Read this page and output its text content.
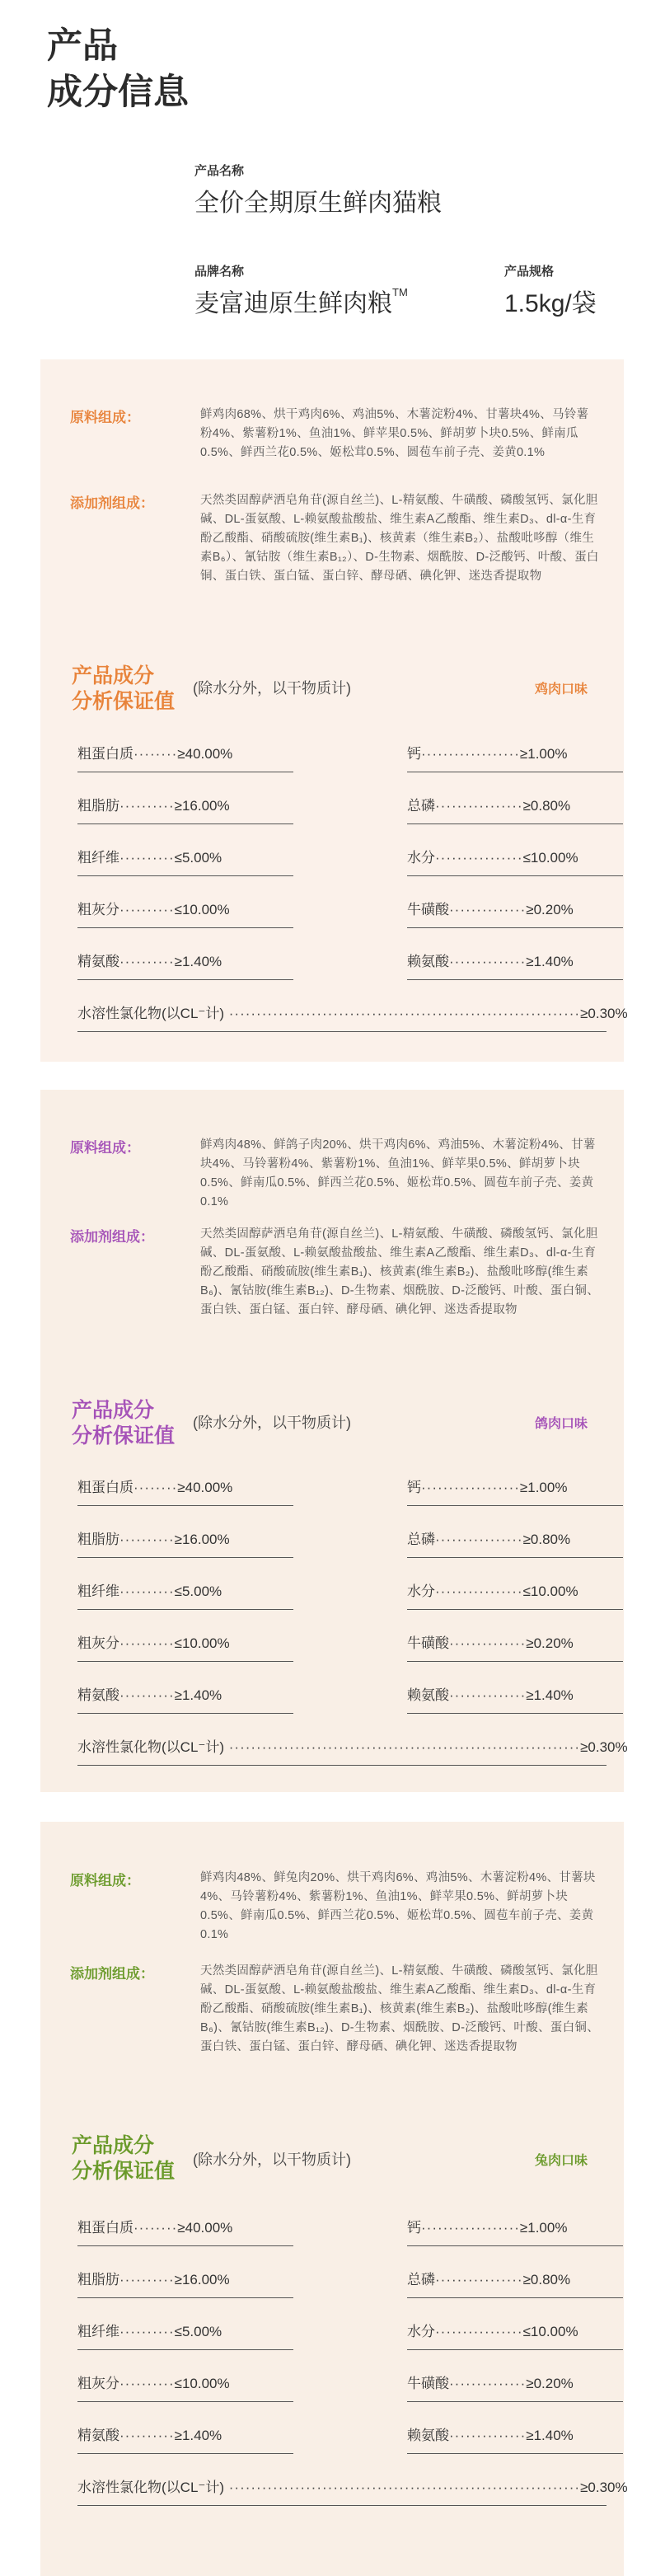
产品
成分信息
产品名称
全价全期原生鲜肉猫粮
品牌名称
麦富迪原生鲜肉粮™
产品规格
1.5kg/袋
原料组成：	鲜鸡肉68%、烘干鸡肉6%、鸡油5%、木薯淀粉4%、甘薯块4%、马铃薯粉4%、紫薯粉1%、鱼油1%、鲜苹果0.5%、鲜胡萝卜块0.5%、鲜南瓜0.5%、鲜西兰花0.5%、姬松茸0.5%、圆苞车前子壳、姜黄0.1%
添加剂组成：	天然类固醇萨洒皂角苷(源自丝兰)、L-精氨酸、牛磺酸、磷酸氢钙、氯化胆碱、DL-蛋氨酸、L-赖氨酸盐酸盐、维生素A乙酸酯、维生素D₃、dl-α-生育酚乙酸酯、硝酸硫胺(维生素B₁)、核黄素（维生素B₂）、盐酸吡哆醇（维生素B₆）、氰钴胺（维生素B₁₂）、D-生物素、烟酰胺、D-泛酸钙、叶酸、蛋白铜、蛋白铁、蛋白锰、蛋白锌、酵母硒、碘化钾、迷迭香提取物
产品成分
分析保证值
(除水分外，以干物质计)	鸡肉口味
粗蛋白质········≥40.00%	钙··················≥1.00%
粗脂肪··········≥16.00%	总磷················≥0.80%
粗纤维··········≤5.00%	水分················≤10.00%
粗灰分··········≤10.00%	牛磺酸··············≥0.20%
精氨酸··········≥1.40%	赖氨酸··············≥1.40%
水溶性氯化物(以CL⁻计) ································································≥0.30%
原料组成：	鲜鸡肉48%、鲜鸽子肉20%、烘干鸡肉6%、鸡油5%、木薯淀粉4%、甘薯块4%、马铃薯粉4%、紫薯粉1%、鱼油1%、鲜苹果0.5%、鲜胡萝卜块0.5%、鲜南瓜0.5%、鲜西兰花0.5%、姬松茸0.5%、圆苞车前子壳、姜黄0.1%
添加剂组成：	天然类固醇萨洒皂角苷(源自丝兰)、L-精氨酸、牛磺酸、磷酸氢钙、氯化胆碱、DL-蛋氨酸、L-赖氨酸盐酸盐、维生素A乙酸酯、维生素D₃、dl-α-生育酚乙酸酯、硝酸硫胺(维生素B₁)、核黄素(维生素B₂)、盐酸吡哆醇(维生素B₆)、氰钴胺(维生素B₁₂)、D-生物素、烟酰胺、D-泛酸钙、叶酸、蛋白铜、蛋白铁、蛋白锰、蛋白锌、酵母硒、碘化钾、迷迭香提取物
产品成分
分析保证值
(除水分外，以干物质计)	鸽肉口味
粗蛋白质········≥40.00%	钙··················≥1.00%
粗脂肪··········≥16.00%	总磷················≥0.80%
粗纤维··········≤5.00%	水分················≤10.00%
粗灰分··········≤10.00%	牛磺酸··············≥0.20%
精氨酸··········≥1.40%	赖氨酸··············≥1.40%
水溶性氯化物(以CL⁻计) ································································≥0.30%
原料组成：	鲜鸡肉48%、鲜兔肉20%、烘干鸡肉6%、鸡油5%、木薯淀粉4%、甘薯块4%、马铃薯粉4%、紫薯粉1%、鱼油1%、鲜苹果0.5%、鲜胡萝卜块0.5%、鲜南瓜0.5%、鲜西兰花0.5%、姬松茸0.5%、圆苞车前子壳、姜黄0.1%
添加剂组成：	天然类固醇萨洒皂角苷(源自丝兰)、L-精氨酸、牛磺酸、磷酸氢钙、氯化胆碱、DL-蛋氨酸、L-赖氨酸盐酸盐、维生素A乙酸酯、维生素D₃、dl-α-生育酚乙酸酯、硝酸硫胺(维生素B₁)、核黄素(维生素B₂)、盐酸吡哆醇(维生素B₆)、氰钴胺(维生素B₁₂)、D-生物素、烟酰胺、D-泛酸钙、叶酸、蛋白铜、蛋白铁、蛋白锰、蛋白锌、酵母硒、碘化钾、迷迭香提取物
产品成分
分析保证值 (除水分外，以干物质计)	兔肉口味
粗蛋白质········≥40.00%	钙··················≥1.00%
粗脂肪··········≥16.00%	总磷················≥0.80%
粗纤维··········≤5.00%	水分················≤10.00%
粗灰分··········≤10.00%	牛磺酸··············≥0.20%
精氨酸··········≥1.40%	赖氨酸··············≥1.40%
水溶性氯化物(以CL⁻计) ································································≥0.30%
